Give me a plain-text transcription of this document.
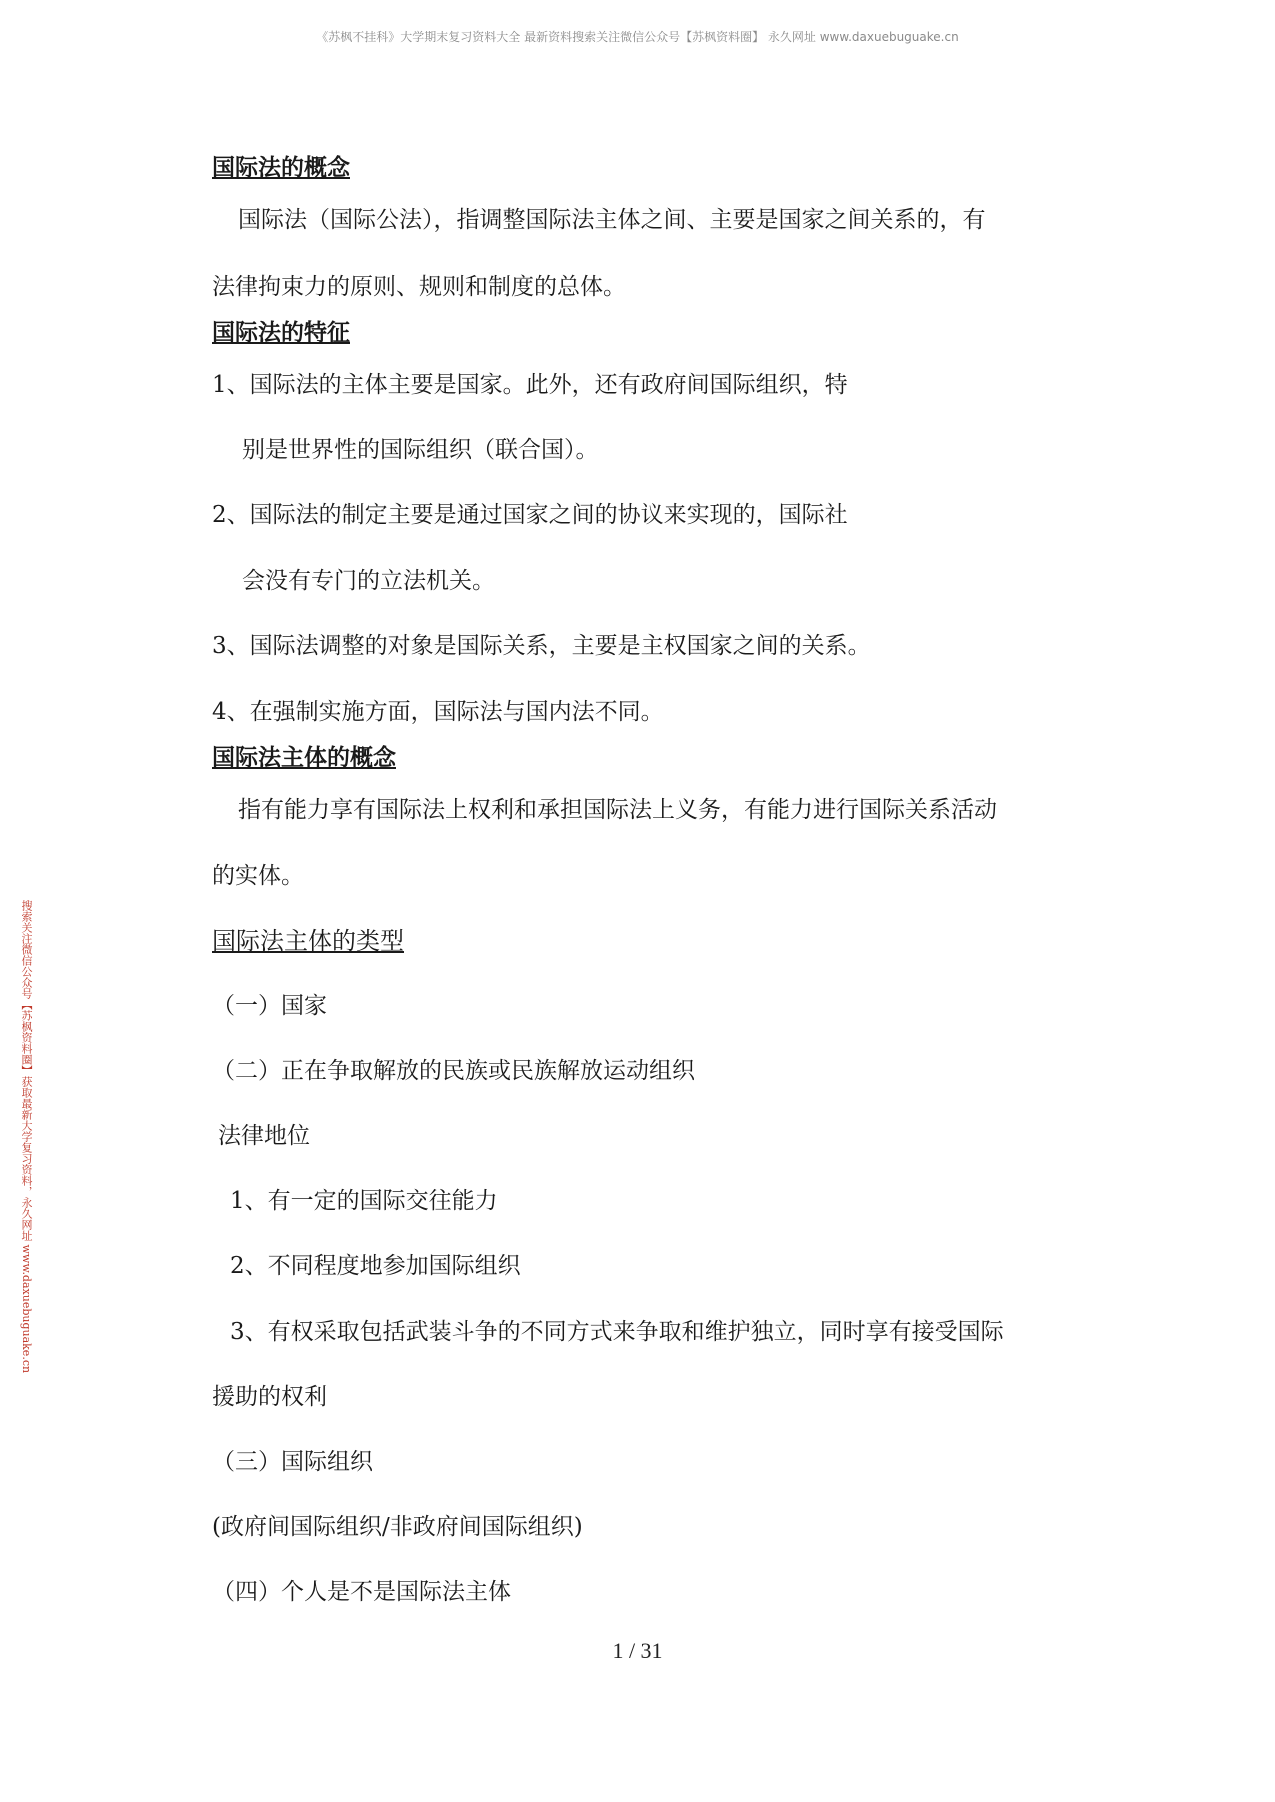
《苏枫不挂科》大学期末复习资料大全 最新资料搜索关注微信公众号【苏枫资料圈】 永久网址 www.daxuebuguake.cn
搜索关注微信公众号【苏枫资料圈】获取最新大学复习资料，永久网址 www.daxuebuguake.cn
国际法的概念
国际法（国际公法），指调整国际法主体之间、主要是国家之间关系的，有
法律拘束力的原则、规则和制度的总体。
国际法的特征
1、国际法的主体主要是国家。此外，还有政府间国际组织，特
别是世界性的国际组织（联合国）。
2、国际法的制定主要是通过国家之间的协议来实现的，国际社
会没有专门的立法机关。
3、国际法调整的对象是国际关系，主要是主权国家之间的关系。
4、在强制实施方面，国际法与国内法不同。
国际法主体的概念
指有能力享有国际法上权利和承担国际法上义务，有能力进行国际关系活动
的实体。
国际法主体的类型
（一）国家
（二）正在争取解放的民族或民族解放运动组织
法律地位
1、有一定的国际交往能力
2、不同程度地参加国际组织
3、有权采取包括武装斗争的不同方式来争取和维护独立，同时享有接受国际
援助的权利
（三）国际组织
(政府间国际组织/非政府间国际组织)
（四）个人是不是国际法主体
1 / 31
